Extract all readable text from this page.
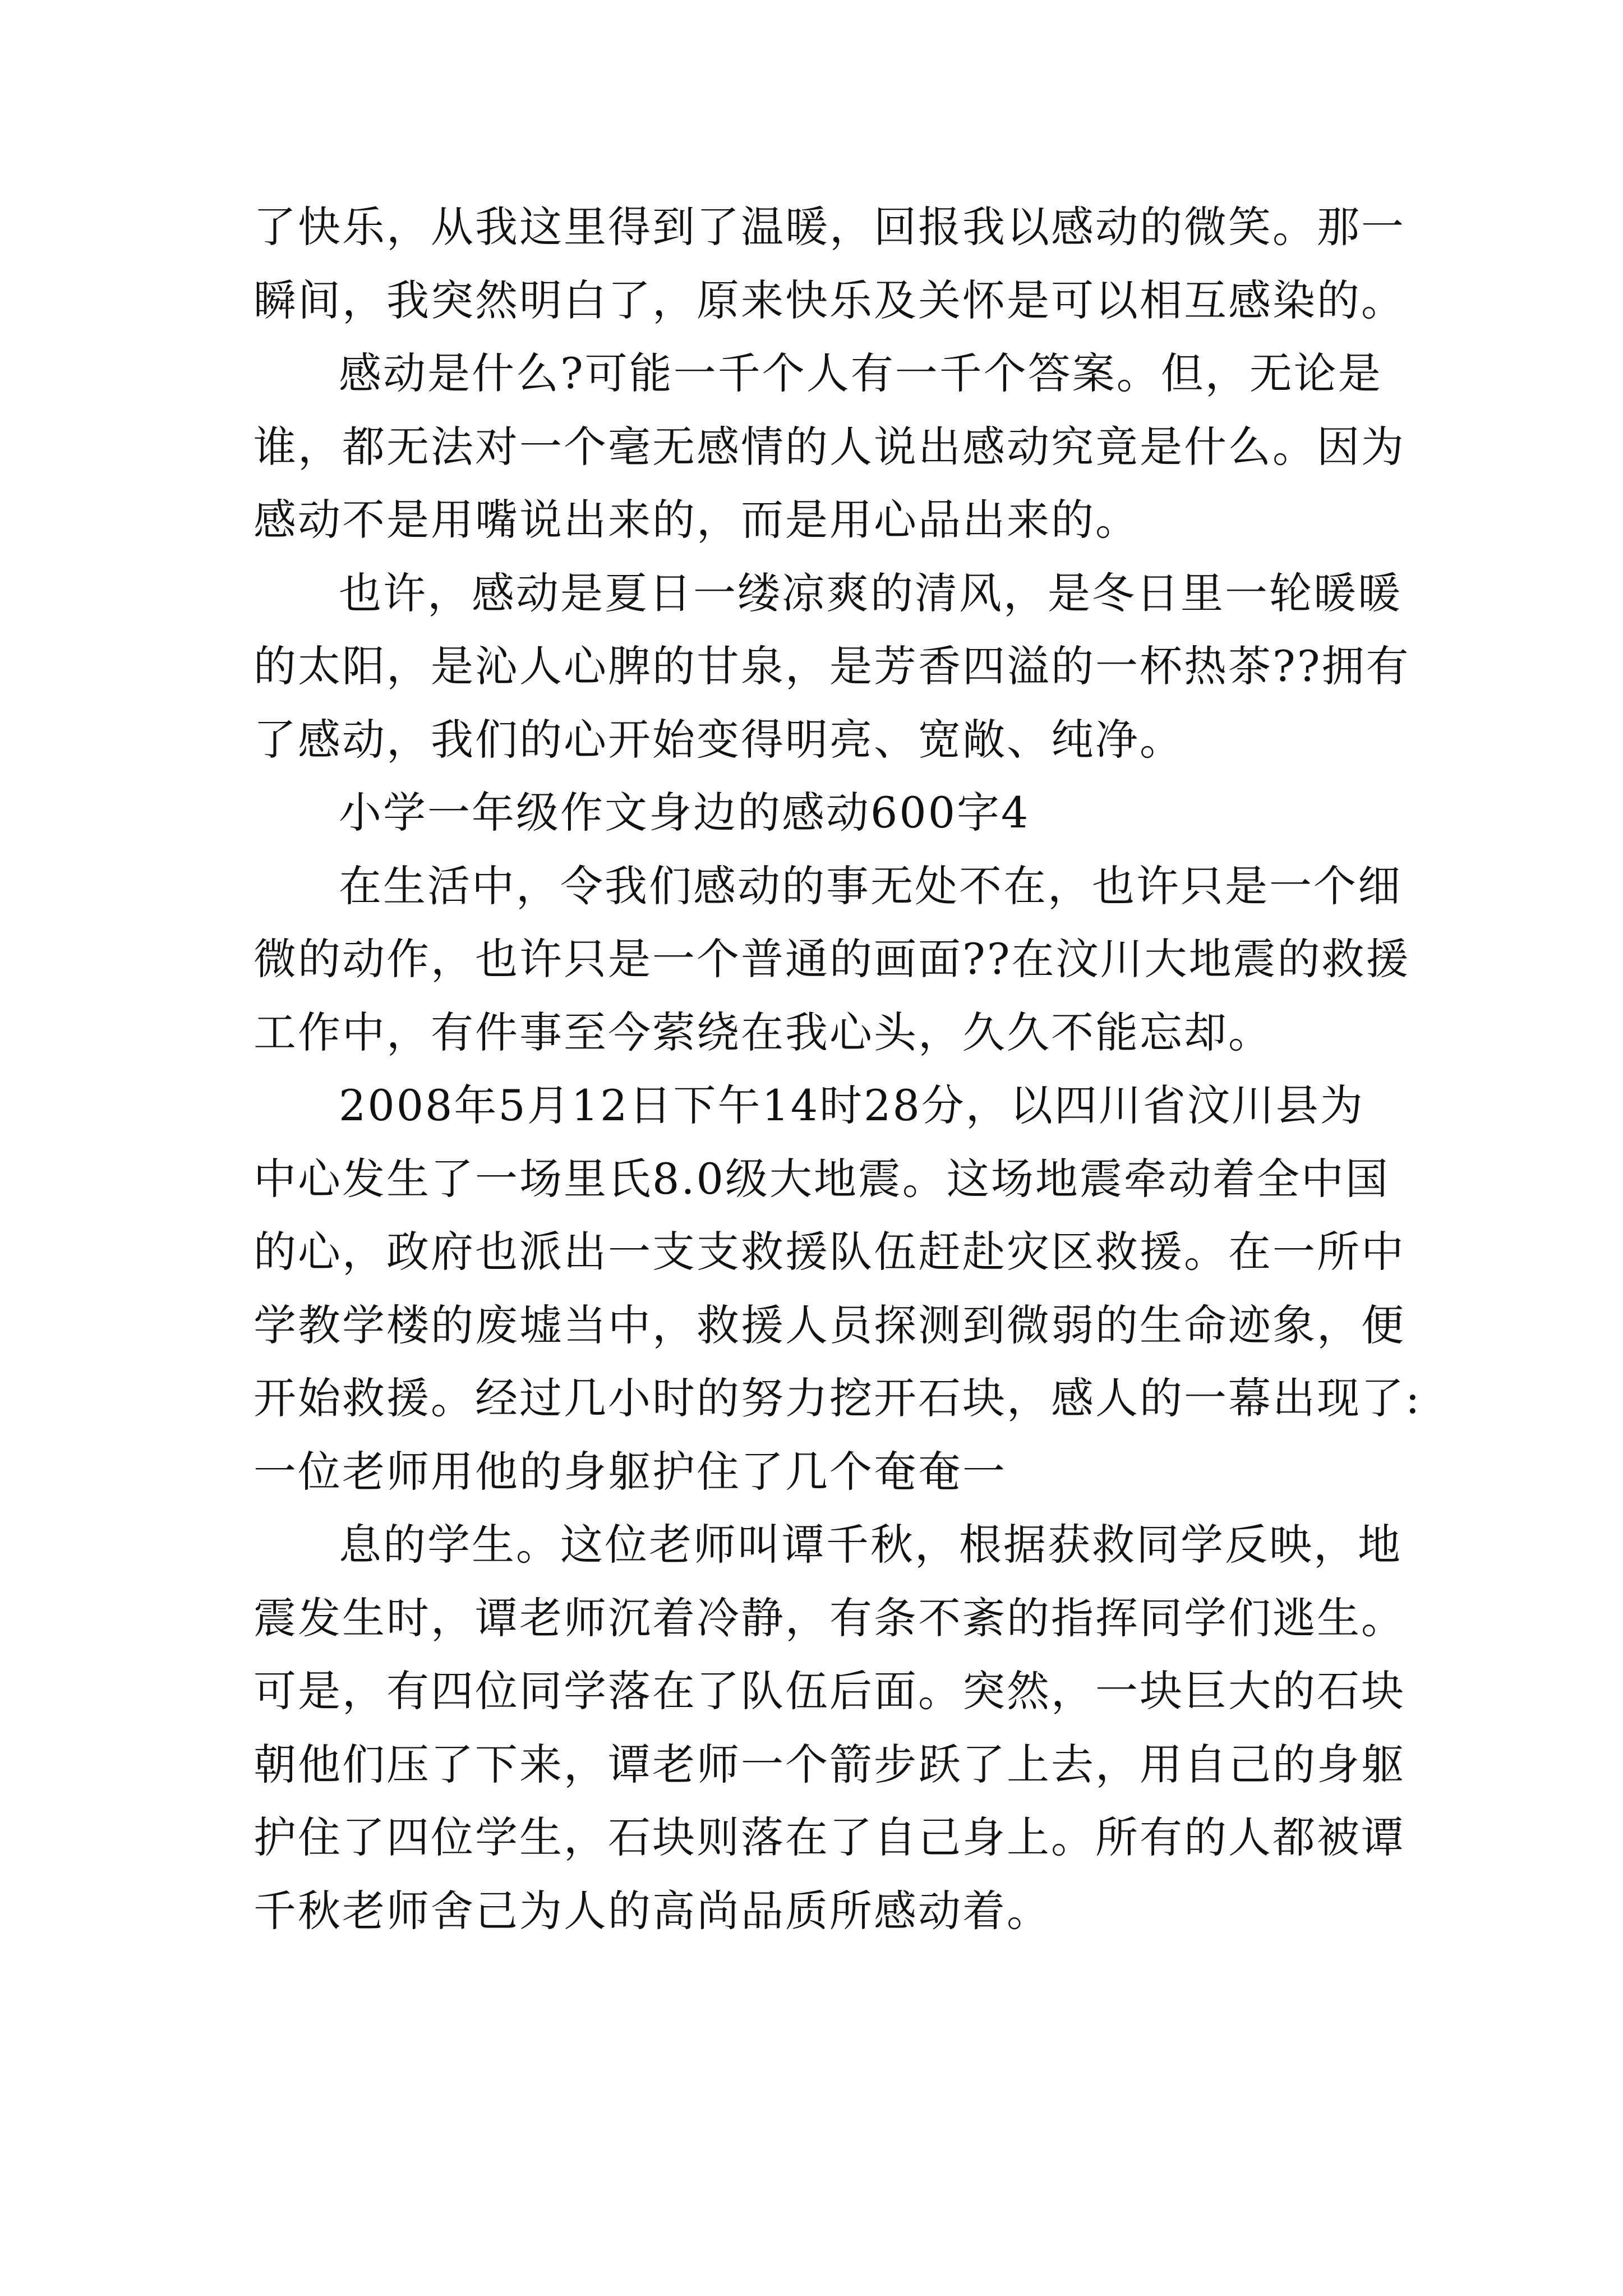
了快乐，从我这里得到了温暖，回报我以感动的微笑。那一
瞬间，我突然明白了，原来快乐及关怀是可以相互感染的。
感动是什么?可能一千个人有一千个答案。但，无论是
谁，都无法对一个毫无感情的人说出感动究竟是什么。因为
感动不是用嘴说出来的，而是用心品出来的。
也许，感动是夏日一缕凉爽的清风，是冬日里一轮暖暖
的太阳，是沁人心脾的甘泉，是芳香四溢的一杯热茶??拥有
了感动，我们的心开始变得明亮、宽敞、纯净。
小学一年级作文身边的感动600字4
在生活中，令我们感动的事无处不在，也许只是一个细
微的动作，也许只是一个普通的画面??在汶川大地震的救援
工作中，有件事至今萦绕在我心头，久久不能忘却。
2008年5月12日下午14时28分，以四川省汶川县为
中心发生了一场里氏8.0级大地震。这场地震牵动着全中国
的心，政府也派出一支支救援队伍赶赴灾区救援。在一所中
学教学楼的废墟当中，救援人员探测到微弱的生命迹象，便
开始救援。经过几小时的努力挖开石块，感人的一幕出现了:
一位老师用他的身躯护住了几个奄奄一
息的学生。这位老师叫谭千秋，根据获救同学反映，地
震发生时，谭老师沉着冷静，有条不紊的指挥同学们逃生。
可是，有四位同学落在了队伍后面。突然，一块巨大的石块
朝他们压了下来，谭老师一个箭步跃了上去，用自己的身躯
护住了四位学生，石块则落在了自己身上。所有的人都被谭
千秋老师舍己为人的高尚品质所感动着。
